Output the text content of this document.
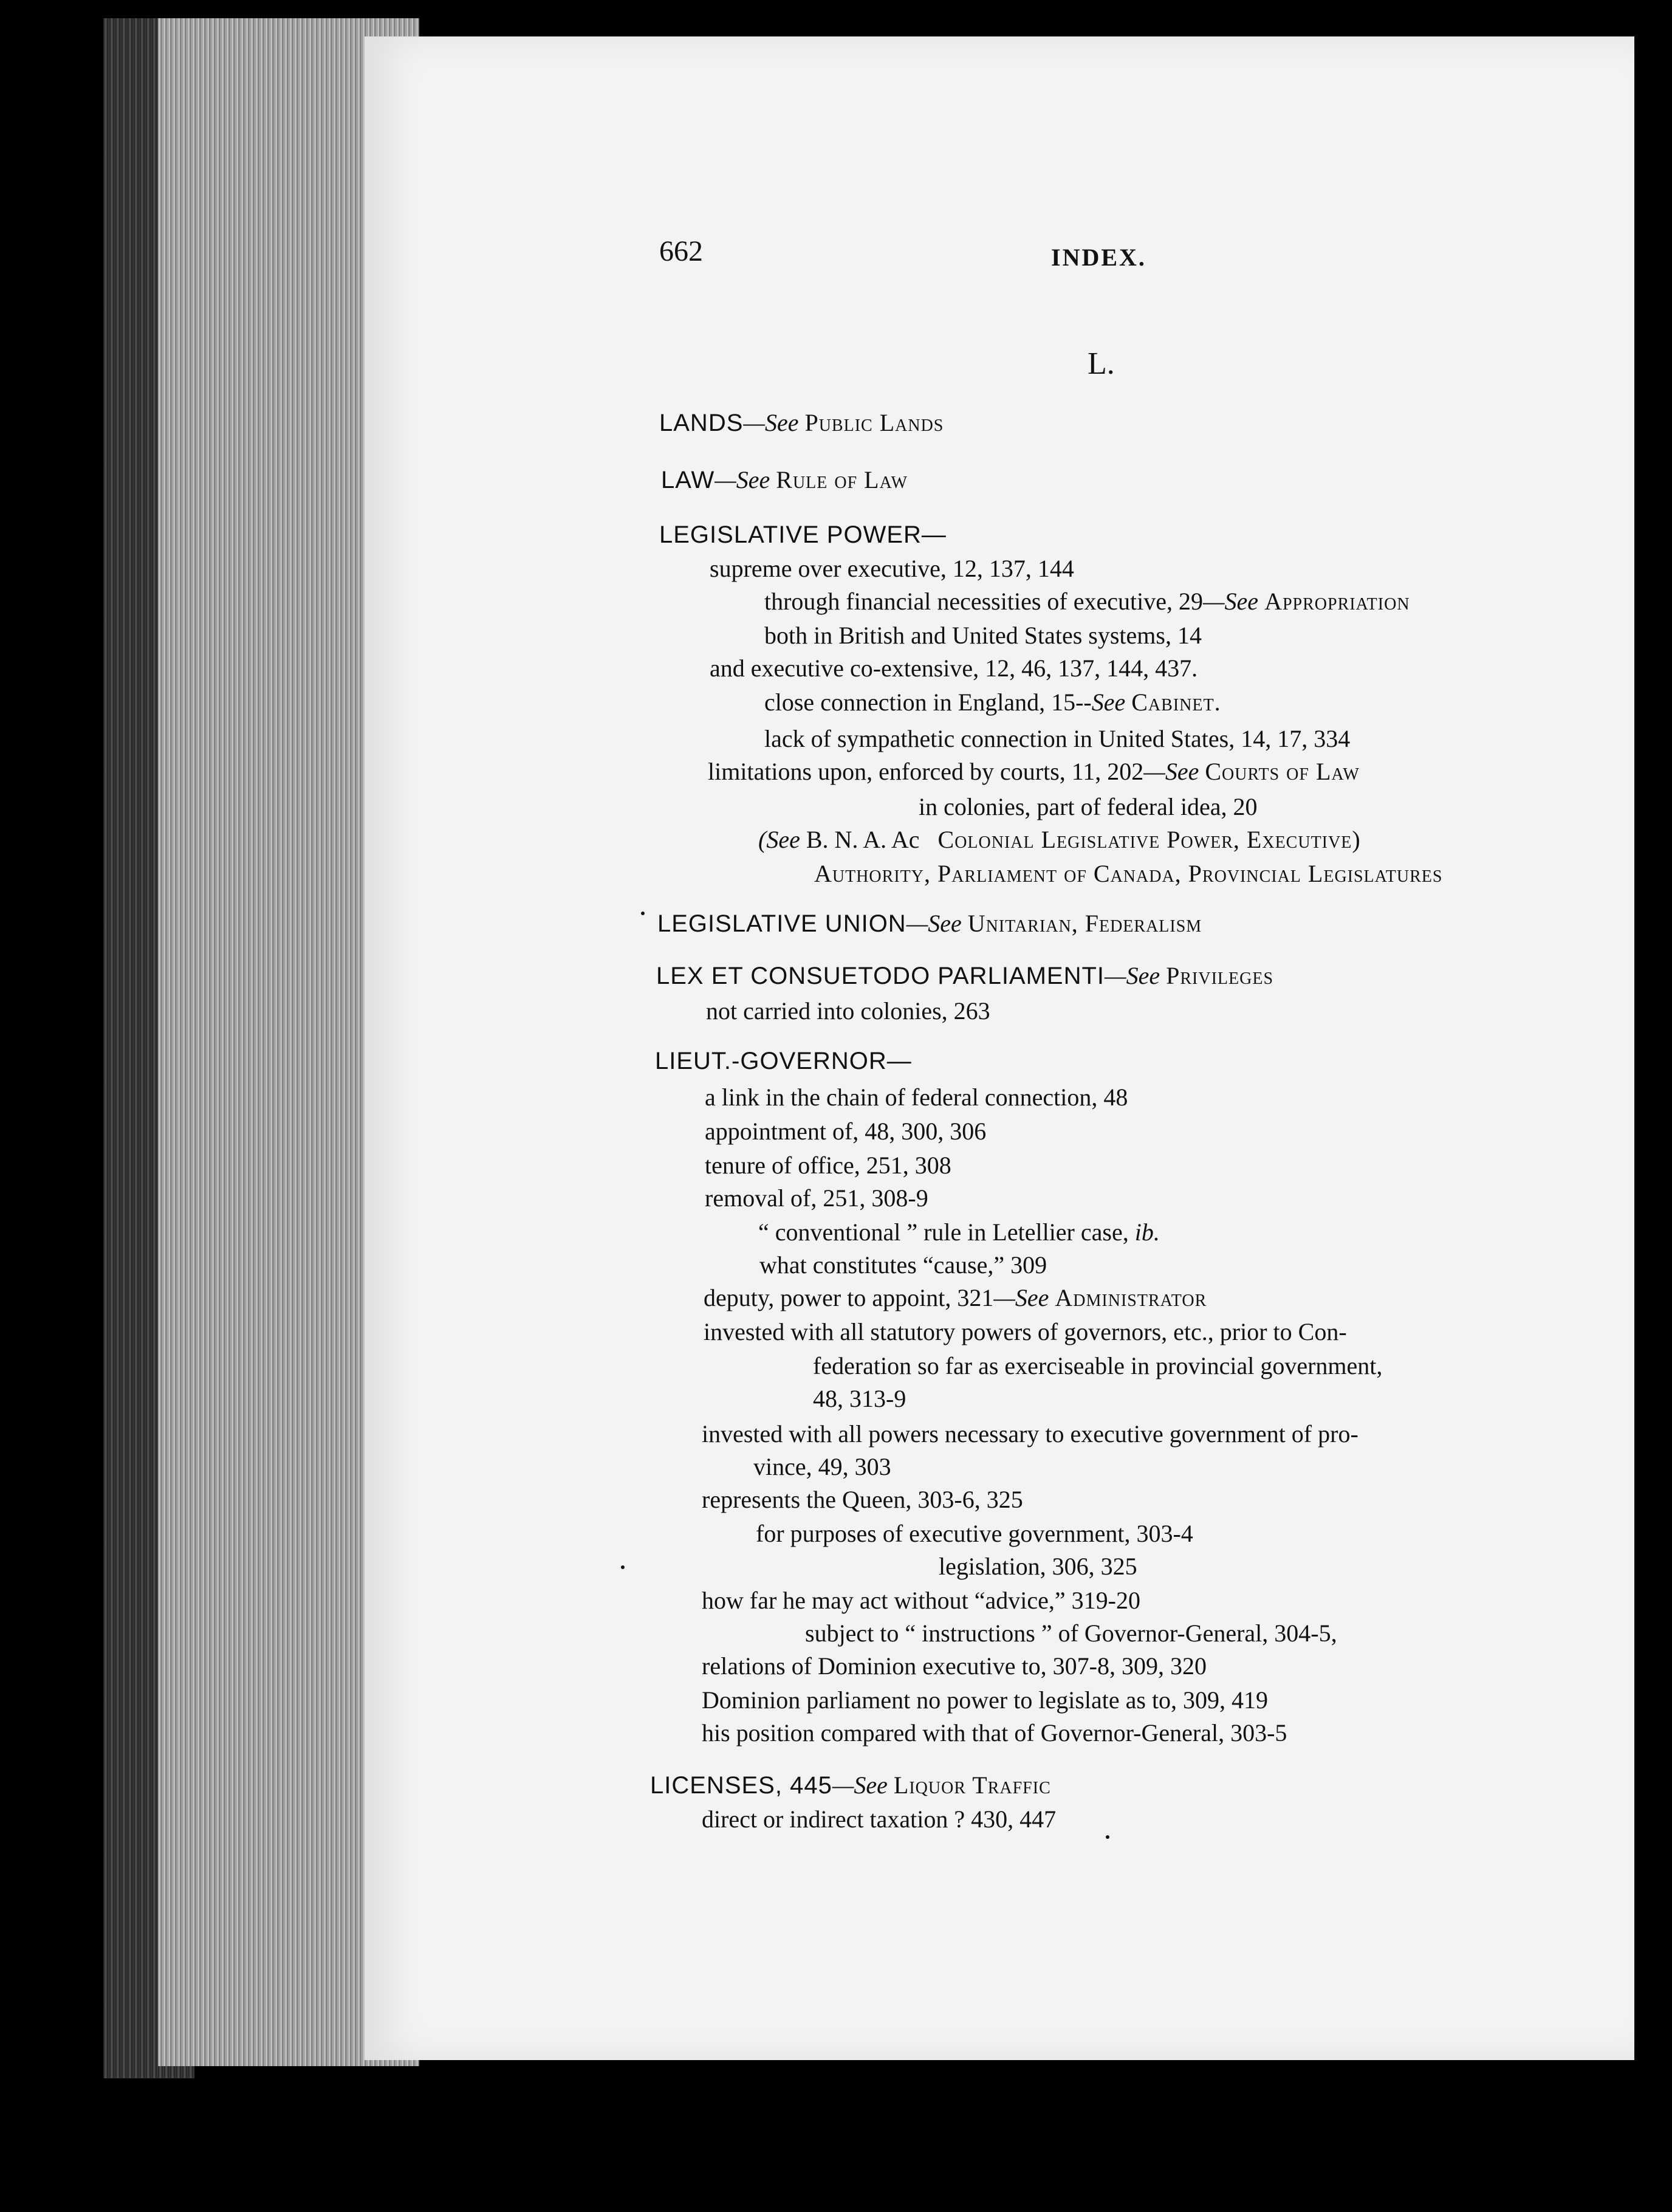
662	INDEX.
L.
LANDS—See Public Lands
LAW—See Rule of Law
LEGISLATIVE POWER—
supreme over executive, 12, 137, 144
through financial necessities of executive, 29—See Appropriation
both in British and United States systems, 14
and executive co-extensive, 12, 46, 137, 144, 437.
close connection in England, 15--See Cabinet.
lack of sympathetic connection in United States, 14, 17, 334
limitations upon, enforced by courts, 11, 202—See Courts of Law
in colonies, part of federal idea, 20
(See B. N. A. Ac Colonial Legislative Power, Executive)
Authority, Parliament of Canada, Provincial Legislatures
LEGISLATIVE UNION—See Unitarian, Federalism
LEX ET CONSUETODO PARLIAMENTI—See Privileges
not carried into colonies, 263
LIEUT.-GOVERNOR—
a link in the chain of federal connection, 48
appointment of, 48, 300, 306
tenure of office, 251, 308
removal of, 251, 308-9
“ conventional ” rule in Letellier case, ib.
what constitutes “cause,” 309
deputy, power to appoint, 321—See Administrator
invested with all statutory powers of governors, etc., prior to Con-
federation so far as exerciseable in provincial government,
48, 313-9
invested with all powers necessary to executive government of pro-
vince, 49, 303
represents the Queen, 303-6, 325
for purposes of executive government, 303-4
legislation, 306, 325
how far he may act without “advice,” 319-20
subject to “ instructions ” of Governor-General, 304-5,
relations of Dominion executive to, 307-8, 309, 320
Dominion parliament no power to legislate as to, 309, 419
his position compared with that of Governor-General, 303-5
LICENSES, 445—See Liquor Traffic
direct or indirect taxation ? 430, 447
